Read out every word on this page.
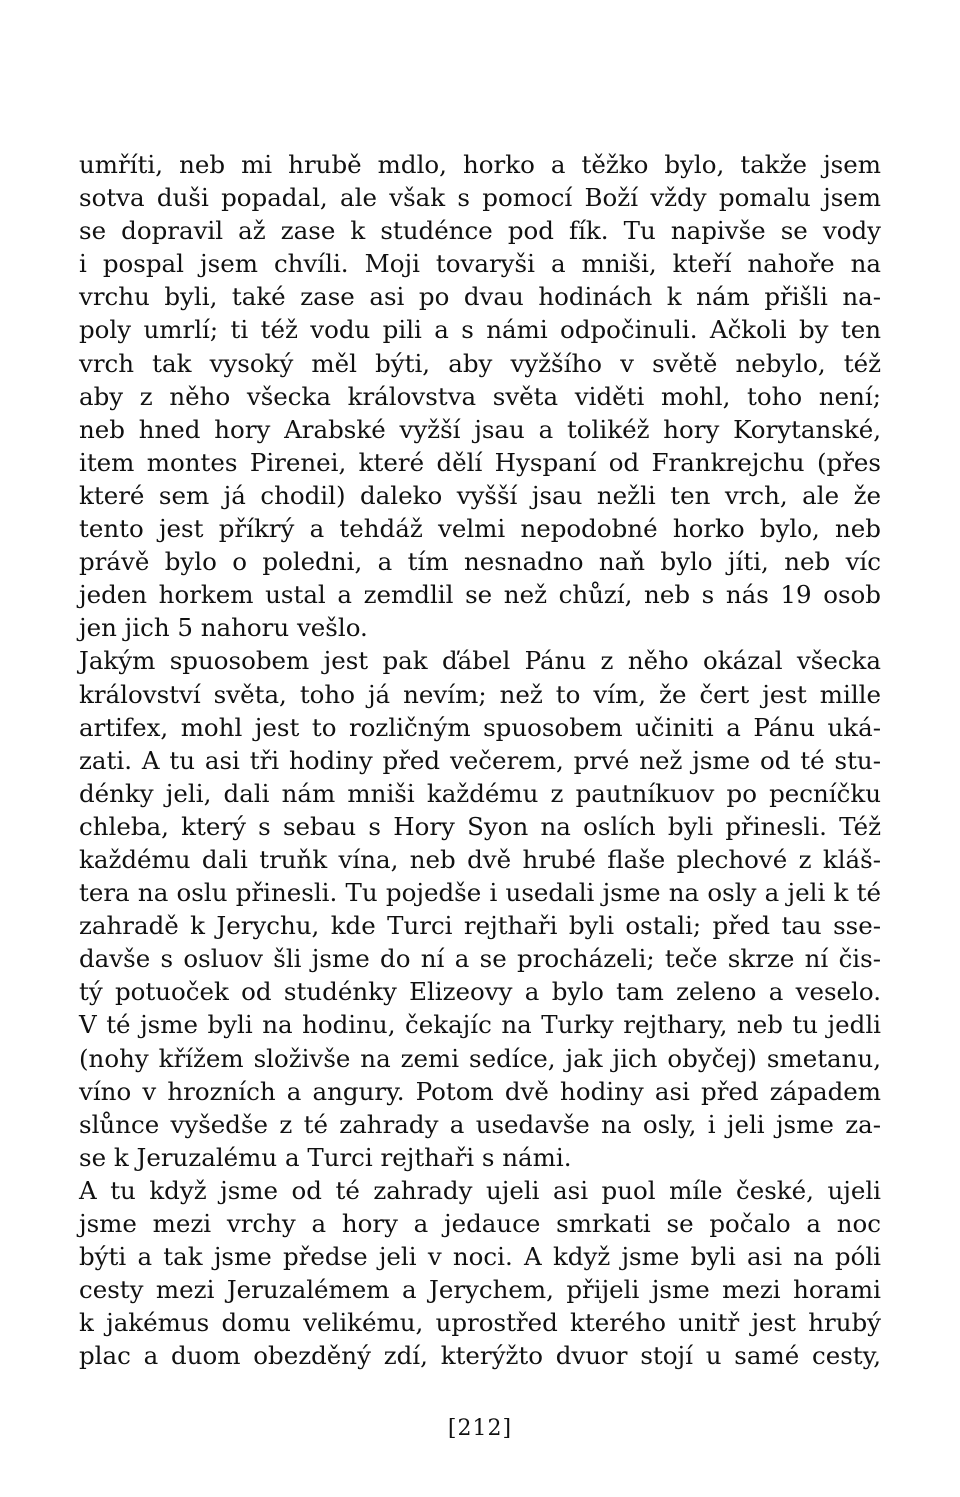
umříti, neb mi hrubě mdlo, horko a těžko bylo, takže jsem
sotva duši popadal, ale však s pomocí Boží vždy pomalu jsem
se dopravil až zase k studénce pod fík. Tu napivše se vody
i pospal jsem chvíli. Moji tovaryši a mniši, kteří nahoře na
vrchu byli, také zase asi po dvau hodinách k nám přišli na-
poly umrlí; ti též vodu pili a s námi odpočinuli. Ačkoli by ten
vrch tak vysoký měl býti, aby vyžšího v světě nebylo, též
aby z něho všecka královstva světa viděti mohl, toho není;
neb hned hory Arabské vyžší jsau a tolikéž hory Korytanské,
item montes Pirenei, které dělí Hyspaní od Frankrejchu (přes
které sem já chodil) daleko vyšší jsau nežli ten vrch, ale že
tento jest příkrý a tehdáž velmi nepodobné horko bylo, neb
právě bylo o poledni, a tím nesnadno naň bylo jíti, neb víc
jeden horkem ustal a zemdlil se než chůzí, neb s nás 19 osob
jen jich 5 nahoru vešlo.
Jakým spuosobem jest pak ďábel Pánu z něho okázal všecka
království světa, toho já nevím; než to vím, že čert jest mille
artifex, mohl jest to rozličným spuosobem učiniti a Pánu uká-
zati. A tu asi tři hodiny před večerem, prvé než jsme od té stu-
dénky jeli, dali nám mniši každému z pautníkuov po pecníčku
chleba, který s sebau s Hory Syon na oslích byli přinesli. Též
každému dali truňk vína, neb dvě hrubé flaše plechové z kláš-
tera na oslu přinesli. Tu pojedše i usedali jsme na osly a jeli k té
zahradě k Jerychu, kde Turci rejthaři byli ostali; před tau sse-
davše s osluov šli jsme do ní a se procházeli; teče skrze ní čis-
tý potuoček od studénky Elizeovy a bylo tam zeleno a veselo.
V té jsme byli na hodinu, čekajíc na Turky rejthary, neb tu jedli
(nohy křížem složivše na zemi sedíce, jak jich obyčej) smetanu,
víno v hrozních a angury. Potom dvě hodiny asi před západem
slůnce vyšedše z té zahrady a usedavše na osly, i jeli jsme za-
se k Jeruzalému a Turci rejthaři s námi.
A tu když jsme od té zahrady ujeli asi puol míle české, ujeli
jsme mezi vrchy a hory a jedauce smrkati se počalo a noc
býti a tak jsme předse jeli v noci. A když jsme byli asi na póli
cesty mezi Jeruzalémem a Jerychem, přijeli jsme mezi horami
k jakémus domu velikému, uprostřed kterého unitř jest hrubý
plac a duom obezděný zdí, kterýžto dvuor stojí u samé cesty,
[212]
